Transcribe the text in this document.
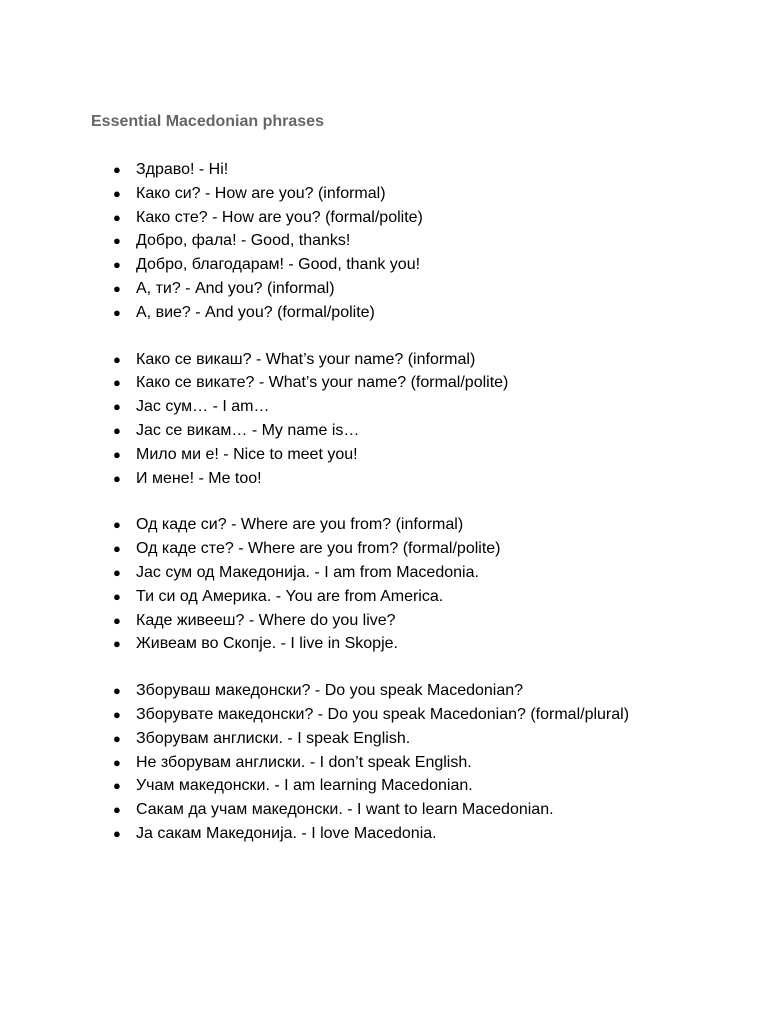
Essential Macedonian phrases
● Здраво! - Hi!
● Како си? - How are you? (informal)
● Како сте? - How are you? (formal/polite)
● Добро, фала! - Good, thanks!
● Добро, благодарам! - Good, thank you!
● А, ти? - And you? (informal)
● А, вие? - And you? (formal/polite)
● Како се викаш? - What’s your name? (informal)
● Како се викате? - What’s your name? (formal/polite)
● Јас сум… - I am…
● Јас се викам… - My name is…
● Мило ми е! - Nice to meet you!
● И мене! - Me too!
● Од каде си? - Where are you from? (informal)
● Од каде сте? - Where are you from? (formal/polite)
● Јас сум од Македонија. - I am from Macedonia.
● Ти си од Америка. - You are from America.
● Каде живееш? - Where do you live?
● Живеам во Скопје. - I live in Skopje.
● Зборуваш македонски? - Do you speak Macedonian?
● Зборувате македонски? - Do you speak Macedonian? (formal/plural)
● Зборувам англиски. - I speak English.
● Не зборувам англиски. - I don’t speak English.
● Учам македонски. - I am learning Macedonian.
● Сакам да учам македонски. - I want to learn Macedonian.
● Ја сакам Македонија. - I love Macedonia.
